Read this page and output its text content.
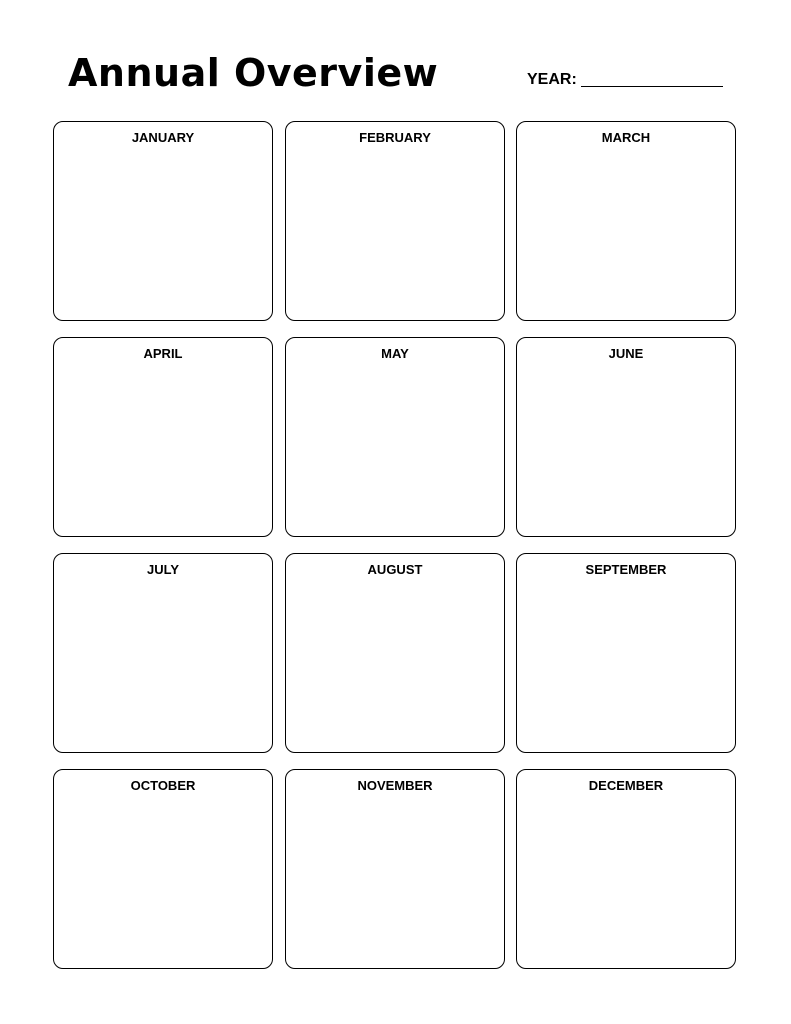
Annual Overview	YEAR:
JANUARY	FEBRUARY	MARCH
APRIL	MAY	JUNE
JULY	AUGUST	SEPTEMBER
OCTOBER	NOVEMBER	DECEMBER
